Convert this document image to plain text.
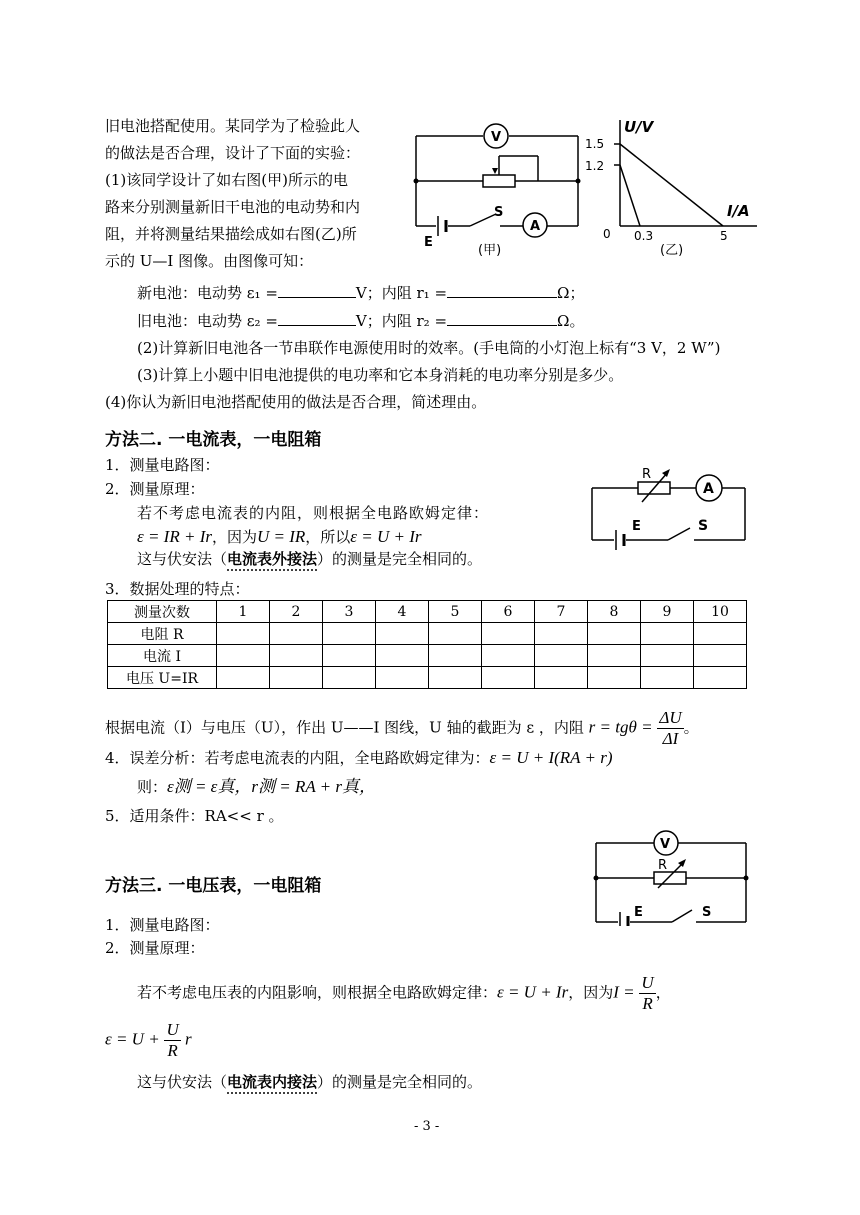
旧电池搭配使用。某同学为了检验此人
的做法是否合理，设计了下面的实验：
(1)该同学设计了如右图(甲)所示的电
路来分别测量新旧干电池的电动势和内
阻，并将测量结果描绘成如右图(乙)所
示的 U—I 图像。由图像可知：
新电池：电动势 ε₁ =	V；内阻 r₁ =	Ω；
旧电池：电动势 ε₂ =	V；内阻 r₂ =	Ω。
(2)计算新旧电池各一节串联作电源使用时的效率。(手电筒的小灯泡上标有“3 V，2 W”)
(3)计算上小题中旧电池提供的电功率和它本身消耗的电功率分别是多少。
(4)你认为新旧电池搭配使用的做法是否合理，简述理由。
V
A
S
E
(甲)
U/V
I/A
1.5
1.2
0 0.3	5
(乙)
方法二. 一电流表，一电阻箱
1．测量电路图：
2．测量原理：
若不考虑电流表的内阻，则根据全电路欧姆定律：
ε = IR + Ir，因为U = IR，所以ε = U + Ir
这与伏安法（电流表外接法）的测量是完全相同的。
3．数据处理的特点：
R
A
E	S
测量次数	1	2	3	4	5	6	7	8	9	10
电阻 R										
电流 I										
电压 U=IR										
根据电流（I）与电压（U），作出 U——I 图线，U 轴的截距为 ε ，内阻 $r = tg\theta = \frac{\Delta U}{\Delta I}$ 。
4．误差分析：若考虑电流表的内阻，全电路欧姆定律为：ε = U + I(RA + r)
则：ε测 = ε真，r测 = RA + r真，
5．适用条件：RA<< r 。
V
R
E	S
方法三. 一电压表，一电阻箱
1．测量电路图：
2．测量原理：
若不考虑电压表的内阻影响，则根据全电路欧姆定律：ε = U + Ir，因为$I = \frac{U}{R}$ ，
$\varepsilon = U + \frac{U}{R}$ r
这与伏安法（电流表内接法）的测量是完全相同的。
- 3 -
